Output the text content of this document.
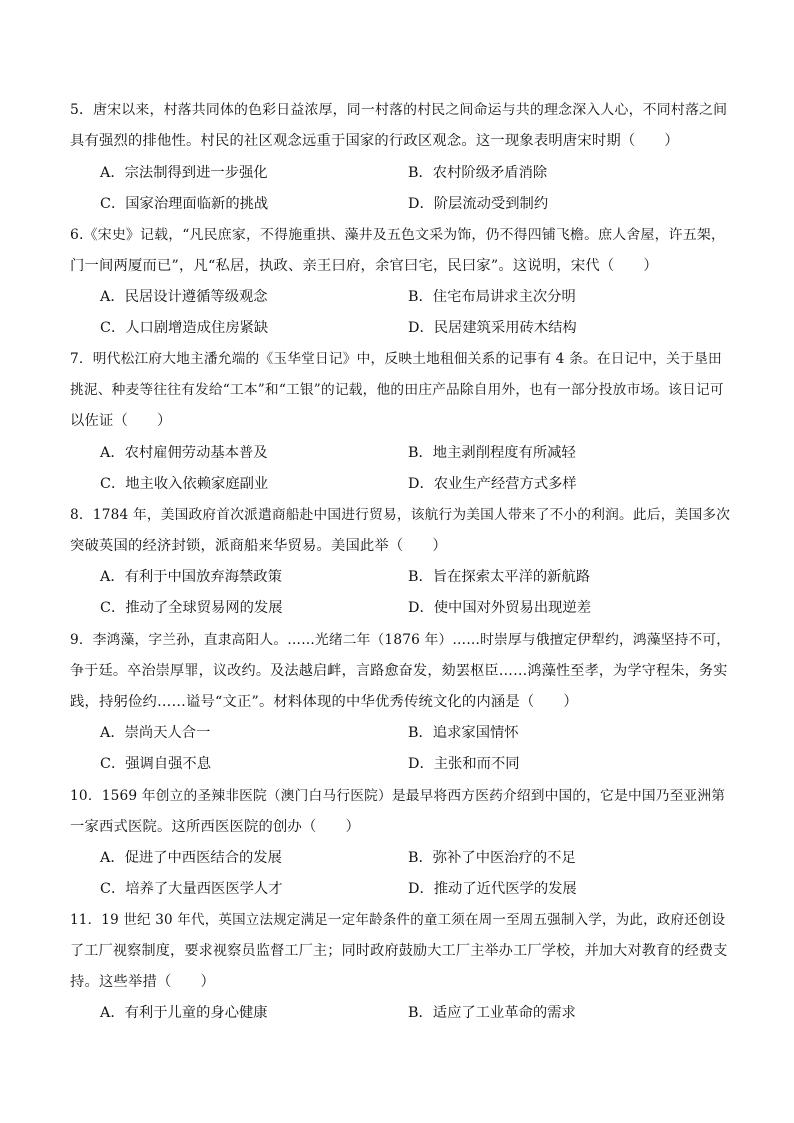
5．唐宋以来，村落共同体的色彩日益浓厚，同一村落的村民之间命运与共的理念深入人心，不同村落之间
具有强烈的排他性。村民的社区观念远重于国家的行政区观念。这一现象表明唐宋时期（　　）
A．宗法制得到进一步强化	B．农村阶级矛盾消除
C．国家治理面临新的挑战	D．阶层流动受到制约
6.《宋史》记载，“凡民庶家，不得施重拱、藻井及五色文采为饰，仍不得四铺飞檐。庶人舍屋，许五架，
门一间两厦而已”，凡“私居，执政、亲王曰府，余官曰宅，民曰家”。这说明，宋代（　　）
A．民居设计遵循等级观念	B．住宅布局讲求主次分明
C．人口剧增造成住房紧缺	D．民居建筑采用砖木结构
7．明代松江府大地主潘允端的《玉华堂日记》中，反映土地租佃关系的记事有 4 条。在日记中，关于垦田
挑泥、种麦等往往有发给“工本”和“工银”的记载，他的田庄产品除自用外，也有一部分投放市场。该日记可
以佐证（　　）
A．农村雇佣劳动基本普及	B．地主剥削程度有所减轻
C．地主收入依赖家庭副业	D．农业生产经营方式多样
8．1784 年，美国政府首次派遣商船赴中国进行贸易，该航行为美国人带来了不小的利润。此后，美国多次
突破英国的经济封锁，派商船来华贸易。美国此举（　　）
A．有利于中国放弃海禁政策	B．旨在探索太平洋的新航路
C．推动了全球贸易网的发展	D．使中国对外贸易出现逆差
9．李鸿藻，字兰孙，直隶高阳人。……光绪二年（1876 年）……时崇厚与俄擅定伊犁约，鸿藻坚持不可，
争于廷。卒治崇厚罪，议改约。及法越启衅，言路愈奋发，劾罢枢臣……鸿藻性至孝，为学守程朱，务实
践，持躬俭约……谥号“文正”。材料体现的中华优秀传统文化的内涵是（　　）
A．崇尚天人合一	B．追求家国情怀
C．强调自强不息	D．主张和而不同
10．1569 年创立的圣辣非医院（澳门白马行医院）是最早将西方医药介绍到中国的，它是中国乃至亚洲第
一家西式医院。这所西医医院的创办（　　）
A．促进了中西医结合的发展	B．弥补了中医治疗的不足
C．培养了大量西医医学人才	D．推动了近代医学的发展
11．19 世纪 30 年代，英国立法规定满足一定年龄条件的童工须在周一至周五强制入学，为此，政府还创设
了工厂视察制度，要求视察员监督工厂主；同时政府鼓励大工厂主举办工厂学校，并加大对教育的经费支
持。这些举措（　　）
A．有利于儿童的身心健康	B．适应了工业革命的需求
